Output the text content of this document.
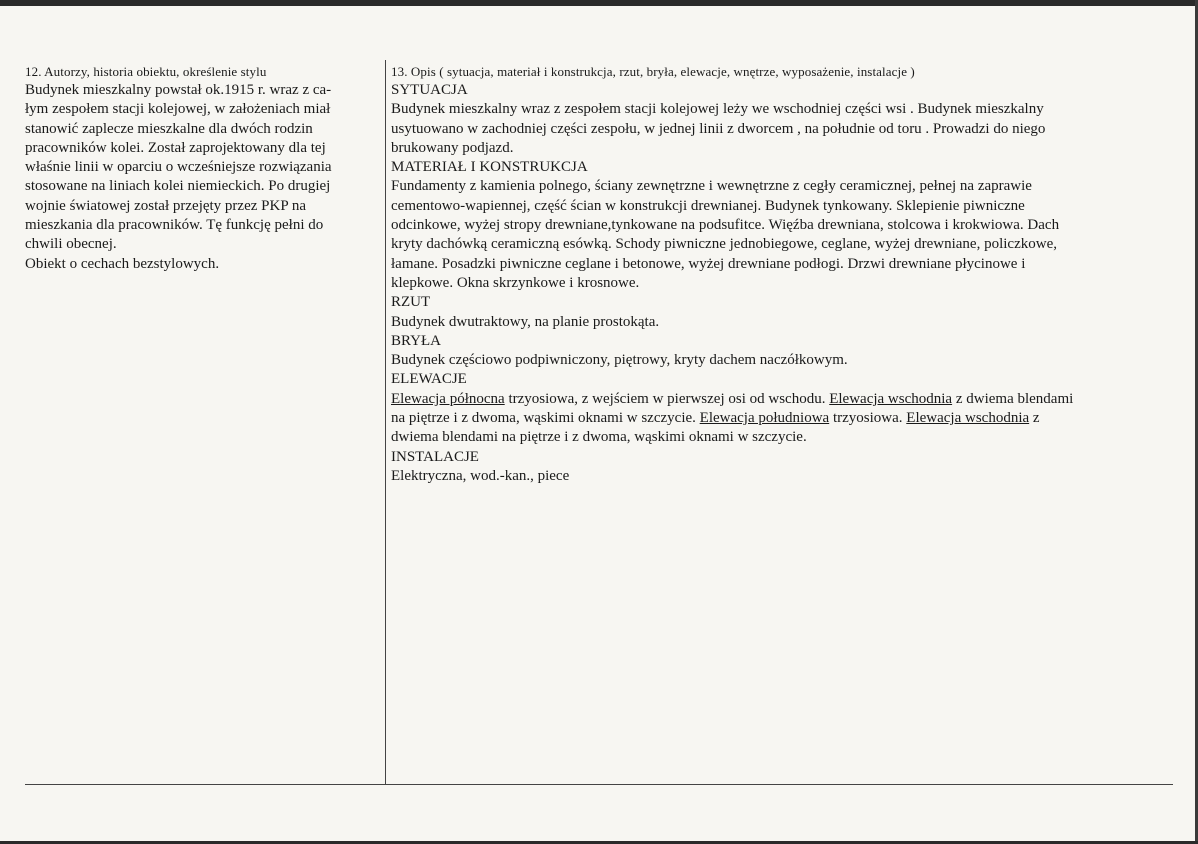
12. Autorzy, historia obiektu, określenie stylu
Budynek mieszkalny powstał ok.1915 r. wraz z ca-
łym zespołem stacji kolejowej, w założeniach miał
stanowić zaplecze mieszkalne dla dwóch rodzin
pracowników kolei. Został zaprojektowany dla tej
właśnie linii w oparciu o wcześniejsze rozwiązania
stosowane na liniach kolei niemieckich. Po drugiej
wojnie światowej został przejęty przez PKP na
mieszkania dla pracowników. Tę funkcję pełni do
chwili obecnej.
Obiekt o cechach bezstylowych.
13. Opis ( sytuacja, materiał i konstrukcja, rzut, bryła, elewacje, wnętrze, wyposażenie, instalacje )
SYTUACJA
Budynek mieszkalny wraz z zespołem stacji kolejowej leży we wschodniej części wsi . Budynek mieszkalny
usytuowano w zachodniej części zespołu, w jednej linii z dworcem , na południe od toru . Prowadzi do niego
brukowany podjazd.
MATERIAŁ I KONSTRUKCJA
Fundamenty z kamienia polnego, ściany zewnętrzne i wewnętrzne z cegły ceramicznej, pełnej na zaprawie
cementowo-wapiennej, część ścian w konstrukcji drewnianej. Budynek tynkowany. Sklepienie piwniczne
odcinkowe, wyżej stropy drewniane,tynkowane na podsufitce. Więźba drewniana, stolcowa i krokwiowa. Dach
kryty dachówką ceramiczną esówką. Schody piwniczne jednobiegowe, ceglane, wyżej drewniane, policzkowe,
łamane. Posadzki piwniczne ceglane i betonowe, wyżej drewniane podłogi. Drzwi drewniane płycinowe i
klepkowe. Okna skrzynkowe i krosnowe.
RZUT
Budynek dwutraktowy, na planie prostokąta.
BRYŁA
Budynek częściowo podpiwniczony, piętrowy, kryty dachem naczółkowym.
ELEWACJE
Elewacja północna trzyosiowa, z wejściem w pierwszej osi od wschodu. Elewacja wschodnia z dwiema blendami
na piętrze i z dwoma, wąskimi oknami w szczycie. Elewacja południowa trzyosiowa. Elewacja wschodnia z
dwiema blendami na piętrze i z dwoma, wąskimi oknami w szczycie.
INSTALACJE
Elektryczna, wod.-kan., piece
